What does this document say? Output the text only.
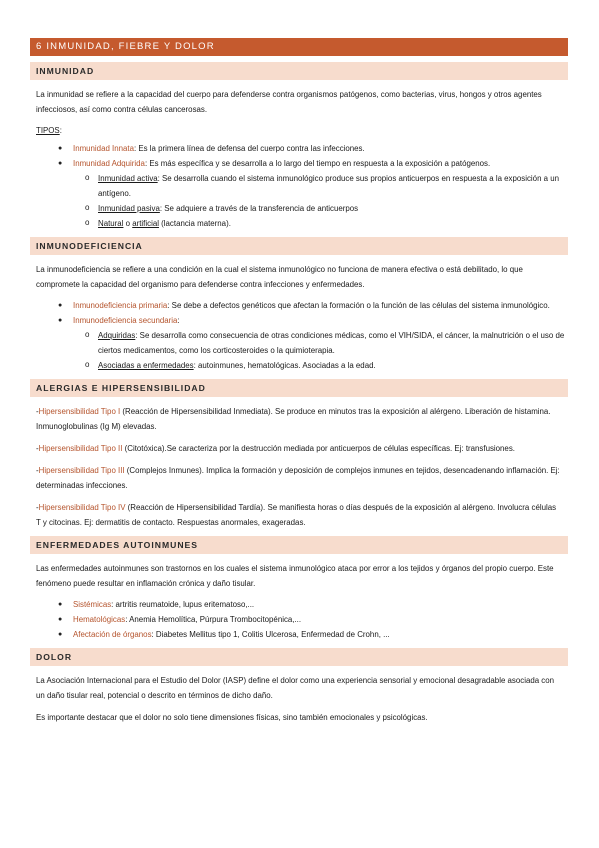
6 INMUNIDAD, FIEBRE Y DOLOR
INMUNIDAD

La inmunidad se refiere a la capacidad del cuerpo para defenderse contra organismos patógenos, como bacterias, virus, hongos y otros agentes infecciosos, así como contra células cancerosas.

TIPOS:

● Inmunidad Innata: Es la primera línea de defensa del cuerpo contra las infecciones.
● Inmunidad Adquirida: Es más específica y se desarrolla a lo largo del tiempo en respuesta a la exposición a patógenos.
o Inmunidad activa: Se desarrolla cuando el sistema inmunológico produce sus propios anticuerpos en respuesta a la exposición a un antígeno.
o Inmunidad pasiva: Se adquiere a través de la transferencia de anticuerpos
o Natural o artificial (lactancia materna).
INMUNODEFICIENCIA

La inmunodeficiencia se refiere a una condición en la cual el sistema inmunológico no funciona de manera efectiva o está debilitado, lo que compromete la capacidad del organismo para defenderse contra infecciones y enfermedades.

● Inmunodeficiencia primaria: Se debe a defectos genéticos que afectan la formación o la función de las células del sistema inmunológico.
● Inmunodeficiencia secundaria:
o Adquiridas: Se desarrolla como consecuencia de otras condiciones médicas, como el VIH/SIDA, el cáncer, la malnutrición o el uso de ciertos medicamentos, como los corticosteroides o la quimioterapia.
o Asociadas a enfermedades: autoinmunes, hematológicas. Asociadas a la edad.
ALERGIAS E HIPERSENSIBILIDAD

-Hipersensibilidad Tipo I (Reacción de Hipersensibilidad Inmediata). Se produce en minutos tras la exposición al alérgeno. Liberación de histamina. Inmunoglobulinas (Ig M) elevadas.

-Hipersensibilidad Tipo II (Citotóxica).Se caracteriza por la destrucción mediada por anticuerpos de células específicas. Ej: transfusiones.

-Hipersensibilidad Tipo III (Complejos Inmunes). Implica la formación y deposición de complejos inmunes en tejidos, desencadenando inflamación. Ej: determinadas infecciones.

-Hipersensibilidad Tipo IV (Reacción de Hipersensibilidad Tardía). Se manifiesta horas o días después de la exposición al alérgeno. Involucra células T y citocinas. Ej: dermatitis de contacto. Respuestas anormales, exageradas.

ENFERMEDADES AUTOINMUNES

Las enfermedades autoinmunes son trastornos en los cuales el sistema inmunológico ataca por error a los tejidos y órganos del propio cuerpo. Este fenómeno puede resultar en inflamación crónica y daño tisular.

● Sistémicas: artritis reumatoide, lupus eritematoso,...
● Hematológicas: Anemia Hemolítica, Púrpura Trombocitopénica,...
● Afectación de órganos: Diabetes Mellitus tipo 1, Colitis Ulcerosa, Enfermedad de Crohn, ...
DOLOR

La Asociación Internacional para el Estudio del Dolor (IASP) define el dolor como una experiencia sensorial y emocional desagradable asociada con un daño tisular real, potencial o descrito en términos de dicho daño.

Es importante destacar que el dolor no solo tiene dimensiones físicas, sino también emocionales y psicológicas.
